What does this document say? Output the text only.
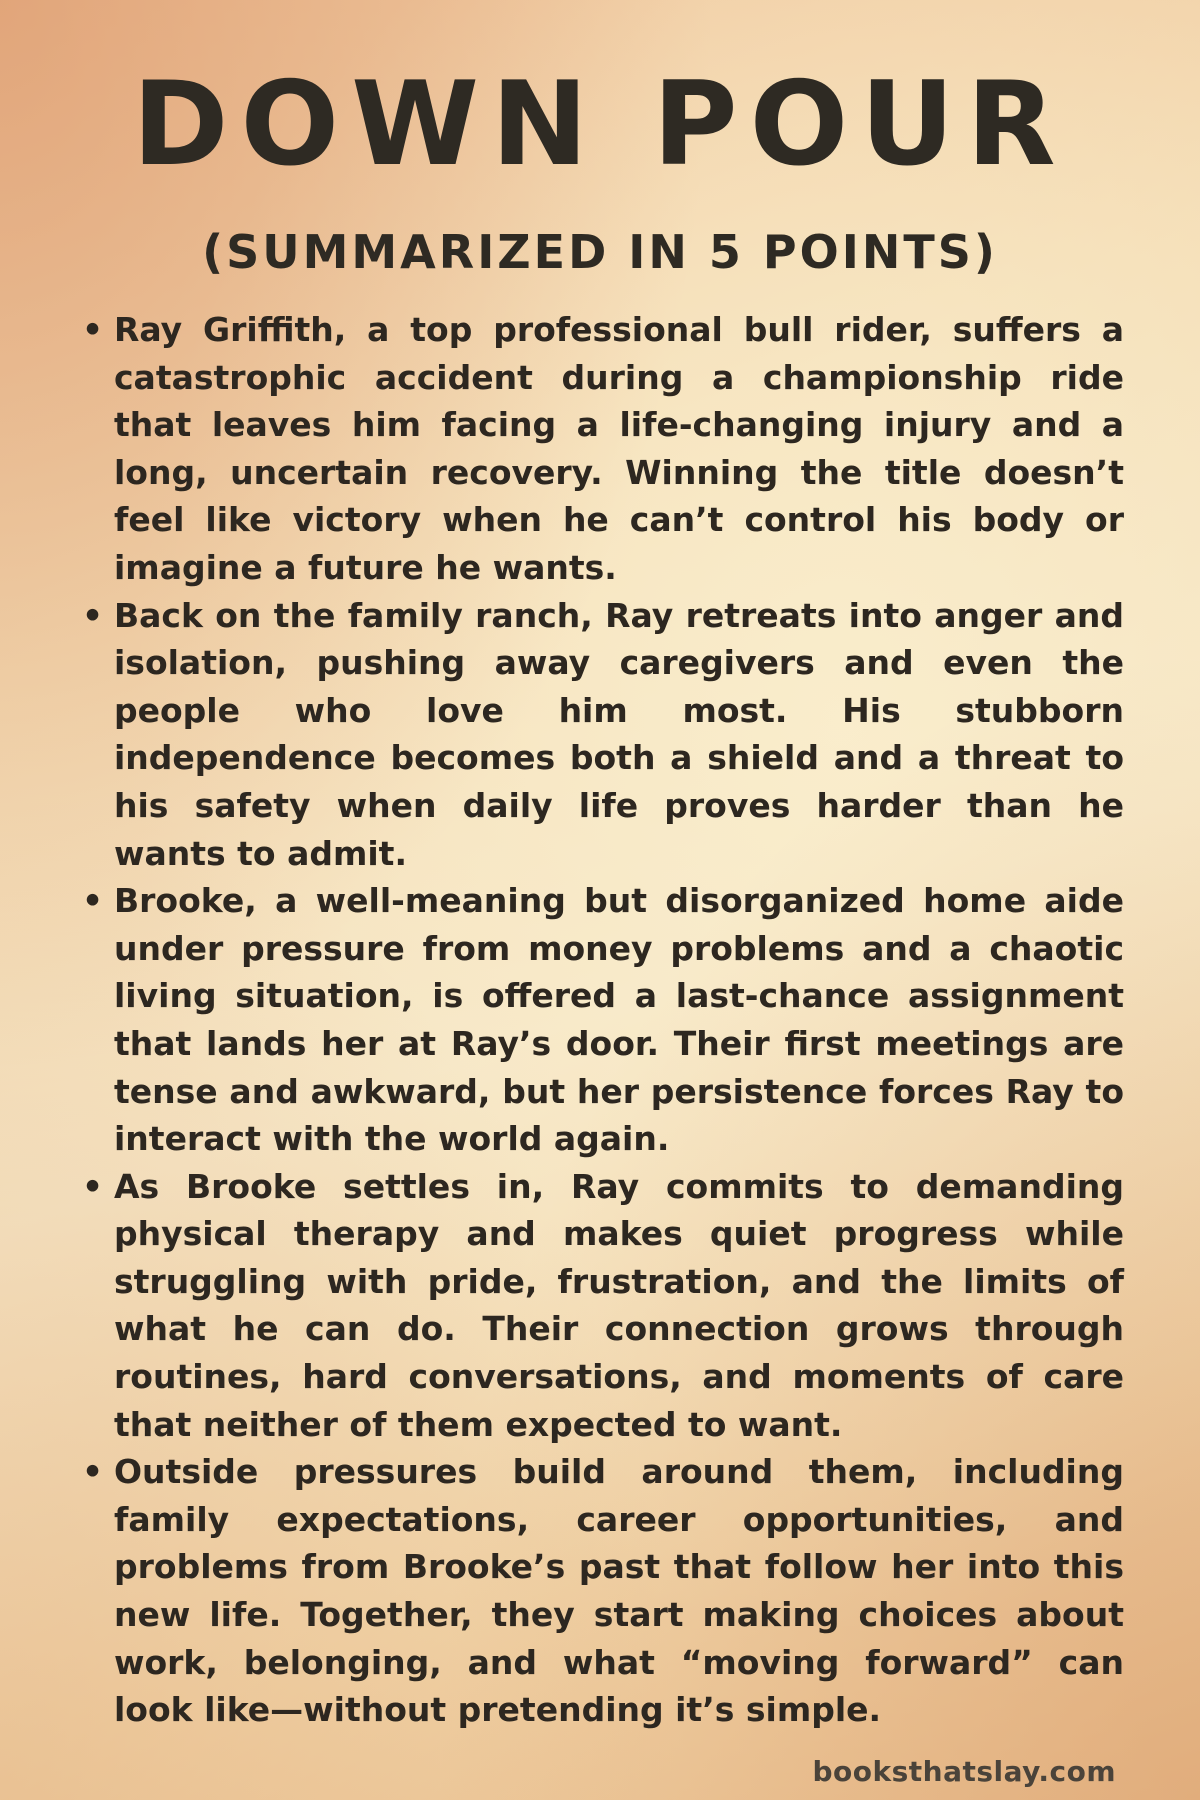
DOWN POUR
(SUMMARIZED IN 5 POINTS)
• Ray Griffith, a top professional bull rider, suffers a catastrophic accident during a championship ride that leaves him facing a life-changing injury and a long, uncertain recovery. Winning the title doesn’t feel like victory when he can’t control his body or imagine a future he wants.
• Back on the family ranch, Ray retreats into anger and isolation, pushing away caregivers and even the people who love him most. His stubborn independence becomes both a shield and a threat to his safety when daily life proves harder than he wants to admit.
• Brooke, a well-meaning but disorganized home aide under pressure from money problems and a chaotic living situation, is offered a last-chance assignment that lands her at Ray’s door. Their first meetings are tense and awkward, but her persistence forces Ray to interact with the world again.
• As Brooke settles in, Ray commits to demanding physical therapy and makes quiet progress while struggling with pride, frustration, and the limits of what he can do. Their connection grows through routines, hard conversations, and moments of care that neither of them expected to want.
• Outside pressures build around them, including family expectations, career opportunities, and problems from Brooke’s past that follow her into this new life. Together, they start making choices about work, belonging, and what “moving forward” can look like—without pretending it’s simple.
booksthatslay.com
